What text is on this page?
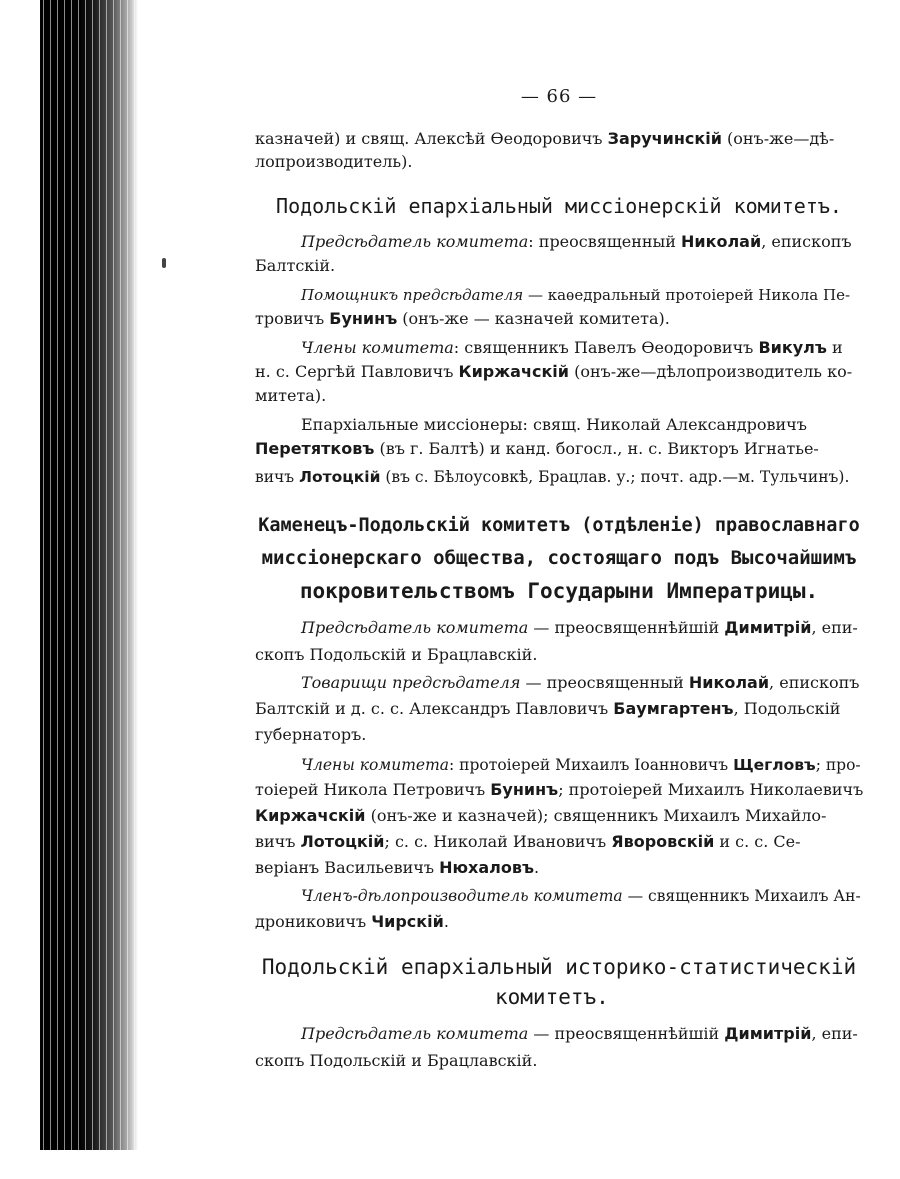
— 66 —

казначей) и свящ. Алексѣй Ѳеодоровичъ Заручинскій (онъ-же—дѣ-

лопроизводитель).

Подольскій епархіальный миссіонерскій комитетъ.

Предсѣдатель комитета: преосвященный Николай, епископъ

Балтскій.

Помощникъ предсѣдателя — каѳедральный протоіерей Никола Пе-

тровичъ Бунинъ (онъ-же — казначей комитета).

Члены комитета: священникъ Павелъ Ѳеодоровичъ Викулъ и

н. с. Сергѣй Павловичъ Киржачскій (онъ-же—дѣлопроизводитель ко-

митета).

Епархіальные миссіонеры: свящ. Николай Александровичъ

Перетятковъ (въ г. Балтѣ) и канд. богосл., н. с. Викторъ Игнатье-

вичъ Лотоцкій (въ с. Бѣлоусовкѣ, Брацлав. у.; почт. адр.—м. Тульчинъ).

Каменецъ-Подольскій комитетъ (отдѣленіе) православнаго
миссіонерскаго общества, состоящаго подъ Высочайшимъ
покровительствомъ Государыни Императрицы.

Предсѣдатель комитета — преосвященнѣйшій Димитрій, епи-

скопъ Подольскій и Брацлавскій.

Товарищи предсѣдателя — преосвященный Николай, епископъ

Балтскій и д. с. с. Александръ Павловичъ Баумгартенъ, Подольскій

губернаторъ.

Члены комитета: протоіерей Михаилъ Іоанновичъ Щегловъ; про-

тоіерей Никола Петровичъ Бунинъ; протоіерей Михаилъ Николаевичъ

Киржачскій (онъ-же и казначей); священникъ Михаилъ Михайло-

вичъ Лотоцкій; с. с. Николай Ивановичъ Яворовскій и с. с. Се-

веріанъ Васильевичъ Нюхаловъ.

Членъ-дѣлопроизводитель комитета — священникъ Михаилъ Ан-

дрониковичъ Чирскій.

Подольскій епархіальный историко-статистическій
комитетъ.

Предсѣдатель комитета — преосвященнѣйшій Димитрій, епи-

скопъ Подольскій и Брацлавскій.
